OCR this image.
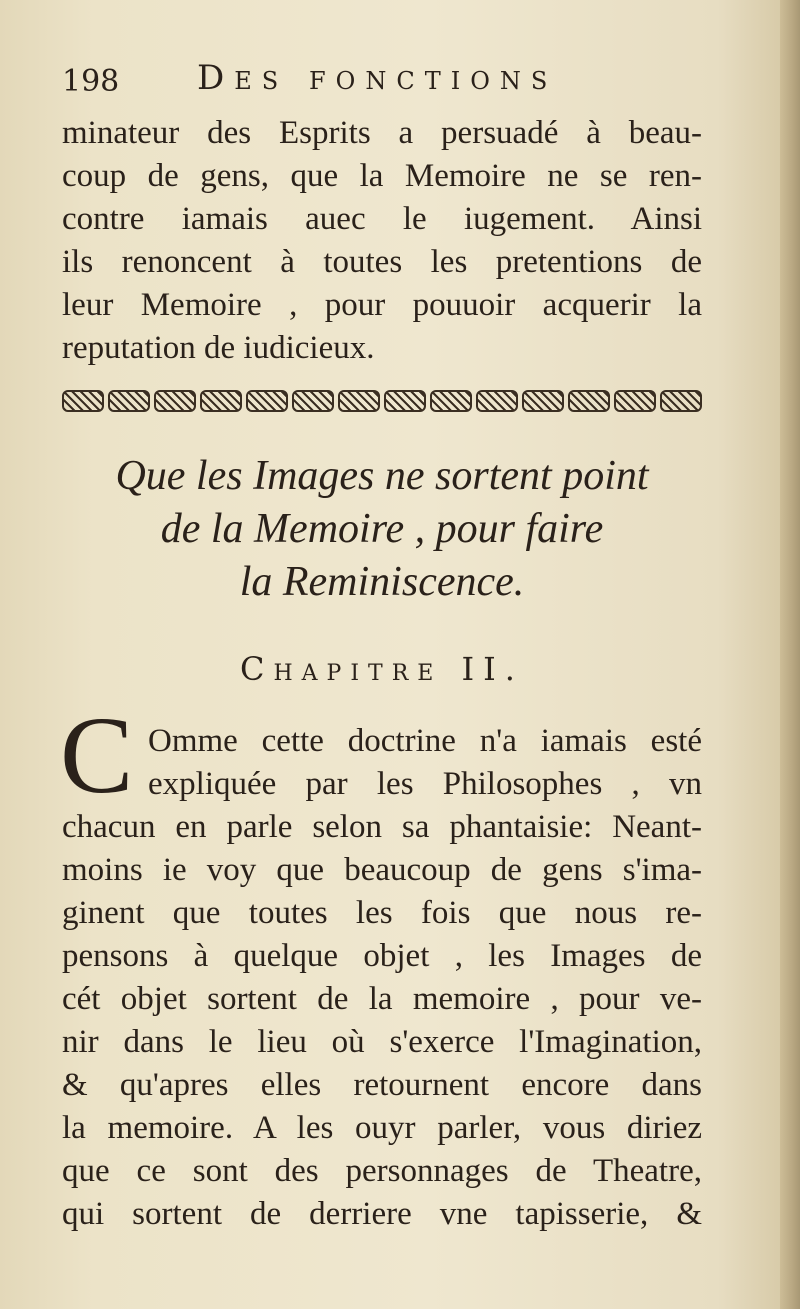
198 Des fonctions
minateur des Esprits a persuadé à beau-
coup de gens, que la Memoire ne se ren-
contre iamais auec le iugement. Ainsi
ils renoncent à toutes les pretentions de
leur Memoire , pour pouuoir acquerir la
reputation de iudicieux.
Que les Images ne sortent point
de la Memoire , pour faire
la Reminiscence.
Chapitre II.
C Omme cette doctrine n'a iamais esté
expliquée par les Philosophes , vn
chacun en parle selon sa phantaisie: Neant-
moins ie voy que beaucoup de gens s'ima-
ginent que toutes les fois que nous re-
pensons à quelque objet , les Images de
cét objet sortent de la memoire , pour ve-
nir dans le lieu où s'exerce l'Imagination,
& qu'apres elles retournent encore dans
la memoire. A les ouyr parler, vous diriez
que ce sont des personnages de Theatre,
qui sortent de derriere vne tapisserie, &
